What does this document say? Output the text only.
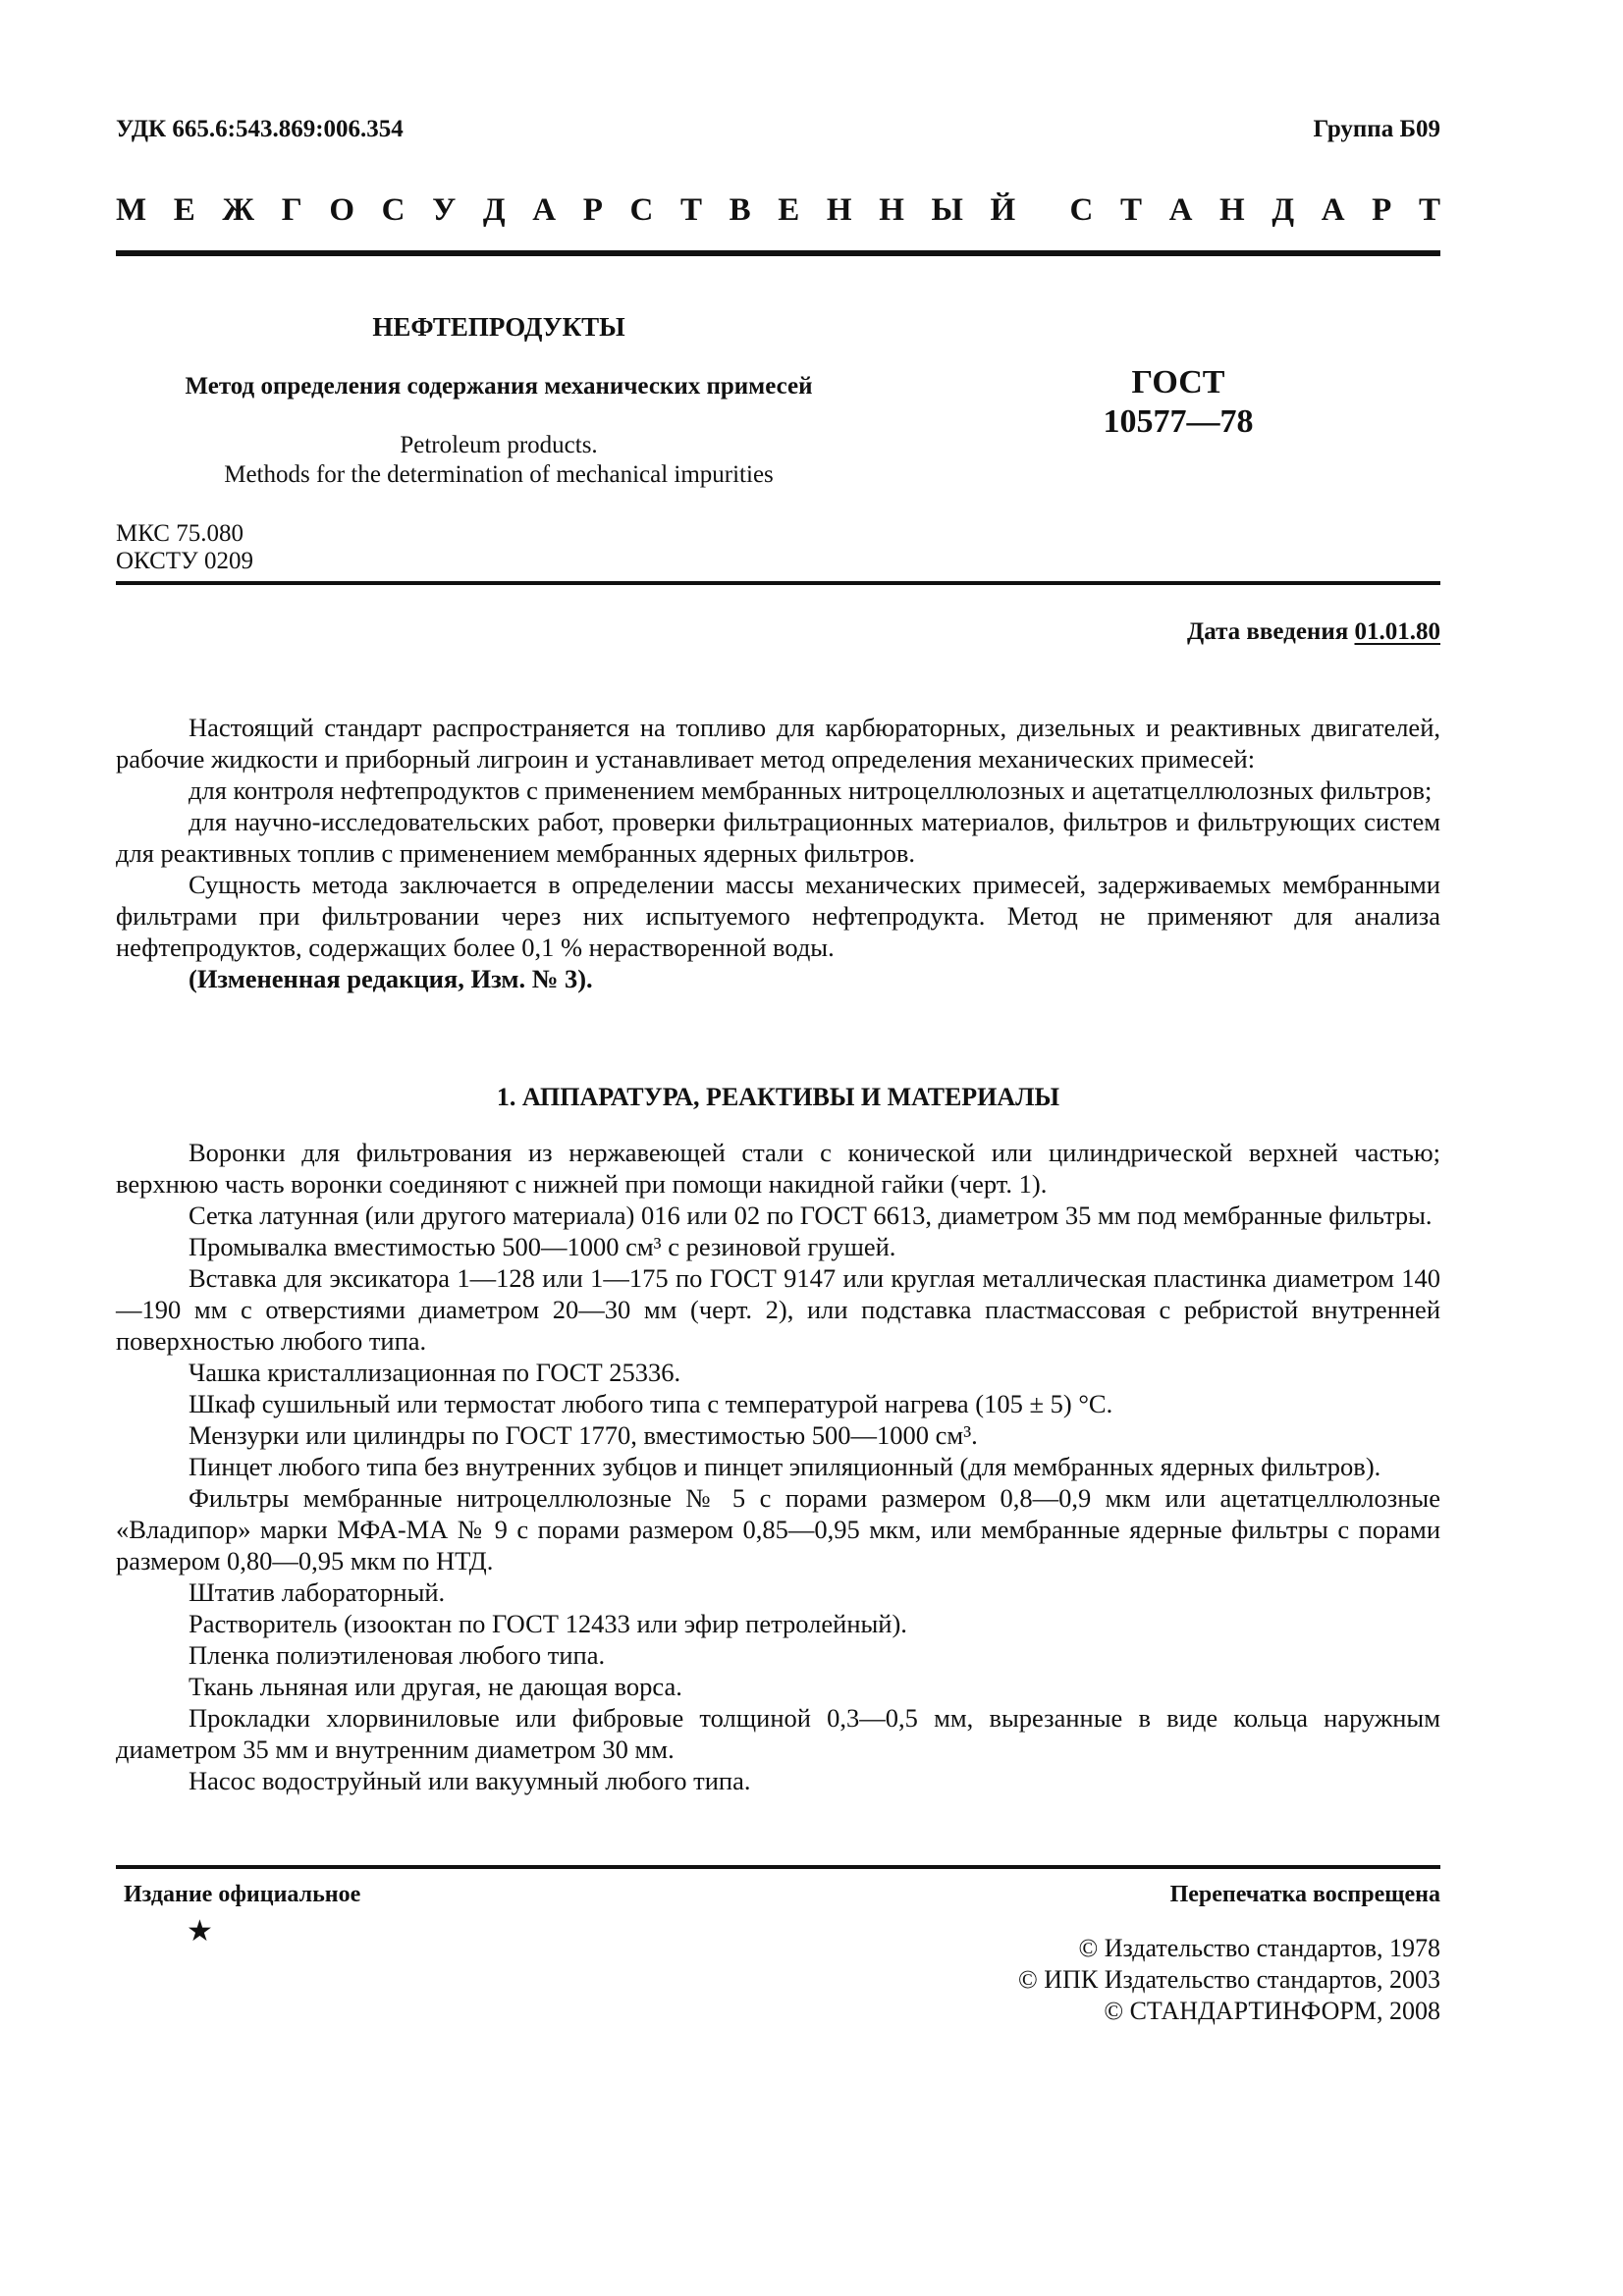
УДК 665.6:543.869:006.354	Группа Б09
М Е Ж Г О С У Д А Р С Т В Е Н Н Ы Й С Т А Н Д А Р Т
НЕФТЕПРОДУКТЫ
Метод определения содержания механических примесей
Petroleum products.
Methods for the determination of mechanical impurities
ГОСТ
10577—78
МКС 75.080
ОКСТУ 0209
Дата введения 01.01.80

Настоящий стандарт распространяется на топливо для карбюраторных, дизельных и реактивных двигателей, рабочие жидкости и приборный лигроин и устанавливает метод определения механических примесей:

для контроля нефтепродуктов с применением мембранных нитроцеллюлозных и ацетатцеллюлозных фильтров;

для научно-исследовательских работ, проверки фильтрационных материалов, фильтров и фильтрующих систем для реактивных топлив с применением мембранных ядерных фильтров.

Сущность метода заключается в определении массы механических примесей, задерживаемых мембранными фильтрами при фильтровании через них испытуемого нефтепродукта. Метод не применяют для анализа нефтепродуктов, содержащих более 0,1 % нерастворенной воды.

(Измененная редакция, Изм. № 3).

1. АППАРАТУРА, РЕАКТИВЫ И МАТЕРИАЛЫ

Воронки для фильтрования из нержавеющей стали с конической или цилиндрической верхней частью; верхнюю часть воронки соединяют с нижней при помощи накидной гайки (черт. 1).

Сетка латунная (или другого материала) 016 или 02 по ГОСТ 6613, диаметром 35 мм под мембранные фильтры.

Промывалка вместимостью 500—1000 см³ с резиновой грушей.

Вставка для эксикатора 1—128 или 1—175 по ГОСТ 9147 или круглая металлическая пластинка диаметром 140—190 мм с отверстиями диаметром 20—30 мм (черт. 2), или подставка пластмассовая с ребристой внутренней поверхностью любого типа.

Чашка кристаллизационная по ГОСТ 25336.

Шкаф сушильный или термостат любого типа с температурой нагрева (105 ± 5) °С.

Мензурки или цилиндры по ГОСТ 1770, вместимостью 500—1000 см³.

Пинцет любого типа без внутренних зубцов и пинцет эпиляционный (для мембранных ядерных фильтров).

Фильтры мембранные нитроцеллюлозные № 5 с порами размером 0,8—0,9 мкм или ацетатцеллюлозные «Владипор» марки МФА-МА № 9 с порами размером 0,85—0,95 мкм, или мембранные ядерные фильтры с порами размером 0,80—0,95 мкм по НТД.

Штатив лабораторный.

Растворитель (изооктан по ГОСТ 12433 или эфир петролейный).

Пленка полиэтиленовая любого типа.

Ткань льняная или другая, не дающая ворса.

Прокладки хлорвиниловые или фибровые толщиной 0,3—0,5 мм, вырезанные в виде кольца наружным диаметром 35 мм и внутренним диаметром 30 мм.

Насос водоструйный или вакуумный любого типа.

Издание официальное
★
Перепечатка воспрещена
© Издательство стандартов, 1978
© ИПК Издательство стандартов, 2003
© СТАНДАРТИНФОРМ, 2008
